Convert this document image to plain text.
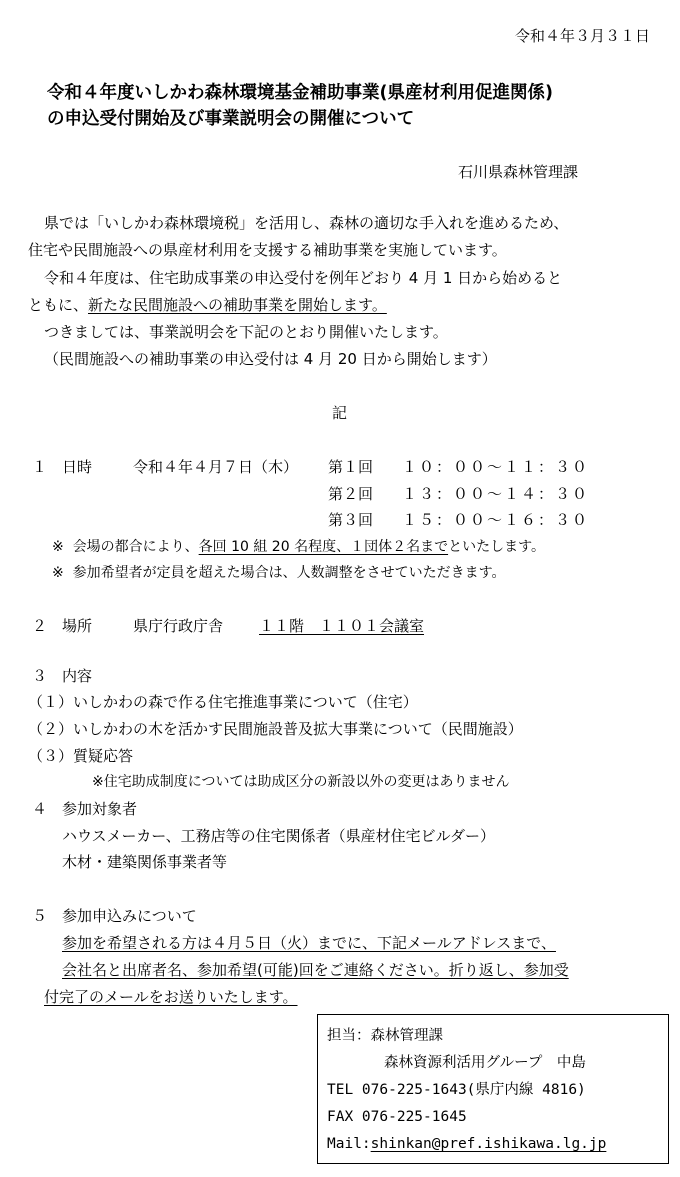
令和４年３月３１日
令和４年度いしかわ森林環境基金補助事業(県産材利用促進関係)
の申込受付開始及び事業説明会の開催について
石川県森林管理課
県では「いしかわ森林環境税」を活用し、森林の適切な手入れを進めるため、
住宅や民間施設への県産材利用を支援する補助事業を実施しています。
令和４年度は、住宅助成事業の申込受付を例年どおり 4 月 1 日から始めると
ともに、新たな民間施設への補助事業を開始します。
つきましては、事業説明会を下記のとおり開催いたします。
（民間施設への補助事業の申込受付は 4 月 20 日から開始します）
記
１ 日時	令和４年４月７日（木） 第１回 １０：００～１１：３０
第２回 １３：００～１４：３０
第３回 １５：００～１６：３０
※ 会場の都合により、各回 10 組 20 名程度、１団体２名までといたします。
※ 参加希望者が定員を超えた場合は、人数調整をさせていただきます。
２ 場所	県庁行政庁舎 １１階　１１０１会議室
３ 内容
（１）いしかわの森で作る住宅推進事業について（住宅）
（２）いしかわの木を活かす民間施設普及拡大事業について（民間施設）
（３）質疑応答
※住宅助成制度については助成区分の新設以外の変更はありません
４ 参加対象者
ハウスメーカー、工務店等の住宅関係者（県産材住宅ビルダー）
木材・建築関係事業者等
５ 参加申込みについて
参加を希望される方は４月５日（火）までに、下記メールアドレスまで、
会社名と出席者名、参加希望(可能)回をご連絡ください。折り返し、参加受
付完了のメールをお送りいたします。
担当：森林管理課
森林資源利活用グループ　中島
TEL 076-225-1643(県庁内線 4816)
FAX 076-225-1645
Mail:shinkan@pref.ishikawa.lg.jp
